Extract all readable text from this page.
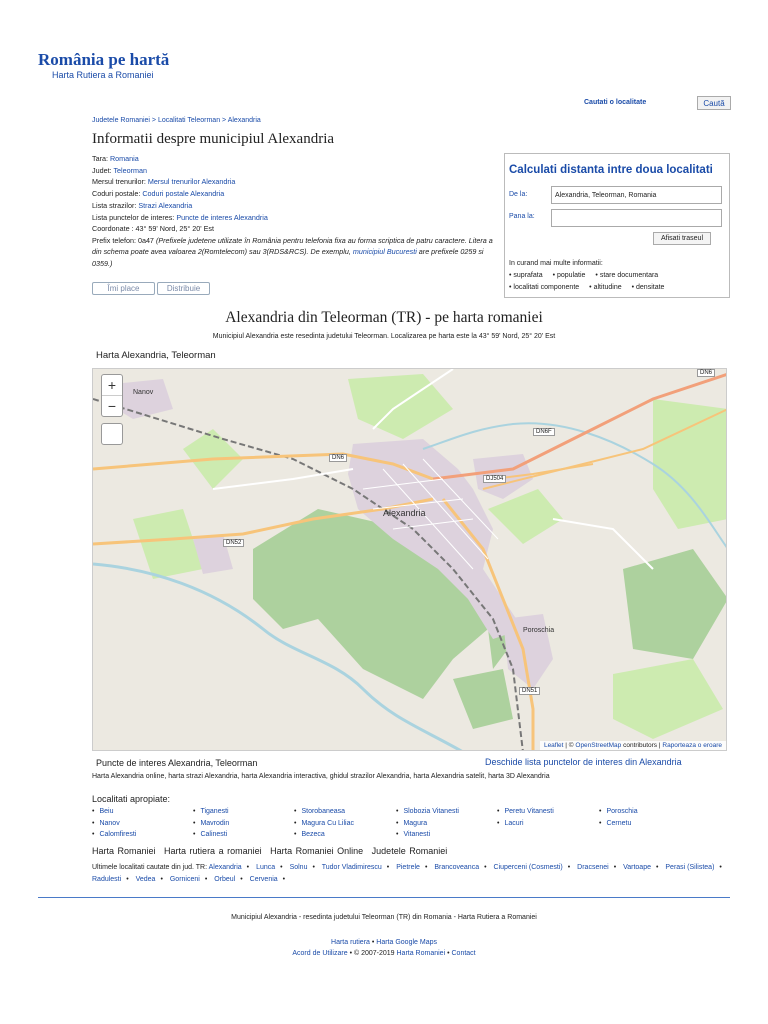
România pe hartă
Harta Rutiera a Romaniei
Cautati o localitate	Caută
Judetele Romaniei > Localitati Teleorman > Alexandria
Informatii despre municipiul Alexandria
Tara: Romania
Judet: Teleorman
Mersul trenurilor: Mersul trenurilor Alexandria
Coduri postale: Coduri postale Alexandria
Lista strazilor: Strazi Alexandria
Lista punctelor de interes: Puncte de interes Alexandria
Coordonate : 43° 59' Nord, 25° 20' Est
Prefix telefon: 0a47 (Prefixele judetene utilizate în România pentru telefonia fixa au forma scriptica de patru caractere. Litera a din schema poate avea valoarea 2(Romtelecom) sau 3(RDS&RCS). De exemplu, municipiul Bucuresti are prefixele 0259 si 0359.)
Îmi place	Distribuie
Calculati distanta intre doua localitati
De la:	Alexandria, Teleorman, Romania
Pana la:
Afisati traseul
In curand mai multe informatii:
• suprafata • populatie • stare documentara
• localitati componente • altitudine • densitate
Alexandria din Teleorman (TR) - pe harta romaniei
Municipiul Alexandria este resedinta judetului Teleorman. Localizarea pe harta este la 43° 59' Nord, 25° 20' Est
Harta Alexandria, Teleorman
Alexandria
Nanov
Poroschia
DN6
DN6
DN6F
DJ504
DN52
DN51
+
−
Leaflet | © OpenStreetMap contributors | Raporteaza o eroare
Puncte de interes Alexandria, Teleorman	Deschide lista punctelor de interes din Alexandria
Harta Alexandria online, harta strazi Alexandria, harta Alexandria interactiva, ghidul strazilor Alexandria, harta Alexandria satelit, harta 3D Alexandria
Localitati apropiate:
• Beiu
• Nanov
• Calomfiresti
• Tiganesti
• Mavrodin
• Calinesti
• Storobaneasa
• Magura Cu Liliac
• Bezeca
• Slobozia Vitanesti
• Magura
• Vitanesti
• Peretu Vitanesti
• Lacuri
• Poroschia
• Cernetu
Harta Romaniei Harta rutiera a romaniei Harta Romaniei Online Judetele Romaniei
Ultimele localitati cautate din jud. TR: Alexandria • Lunca • Solnu • Tudor Vladimirescu • Pietrele • Brancoveanca • Ciuperceni (Cosmesti) • Dracsenei • Vartoape • Perasi (Silistea) • Radulesti • Vedea • Gorniceni • Orbeul • Cervenia •
Municipiul Alexandria - resedinta judetului Teleorman (TR) din Romania - Harta Rutiera a Romaniei
Harta rutiera • Harta Google Maps
Acord de Utilizare • © 2007-2019 Harta Romaniei • Contact
